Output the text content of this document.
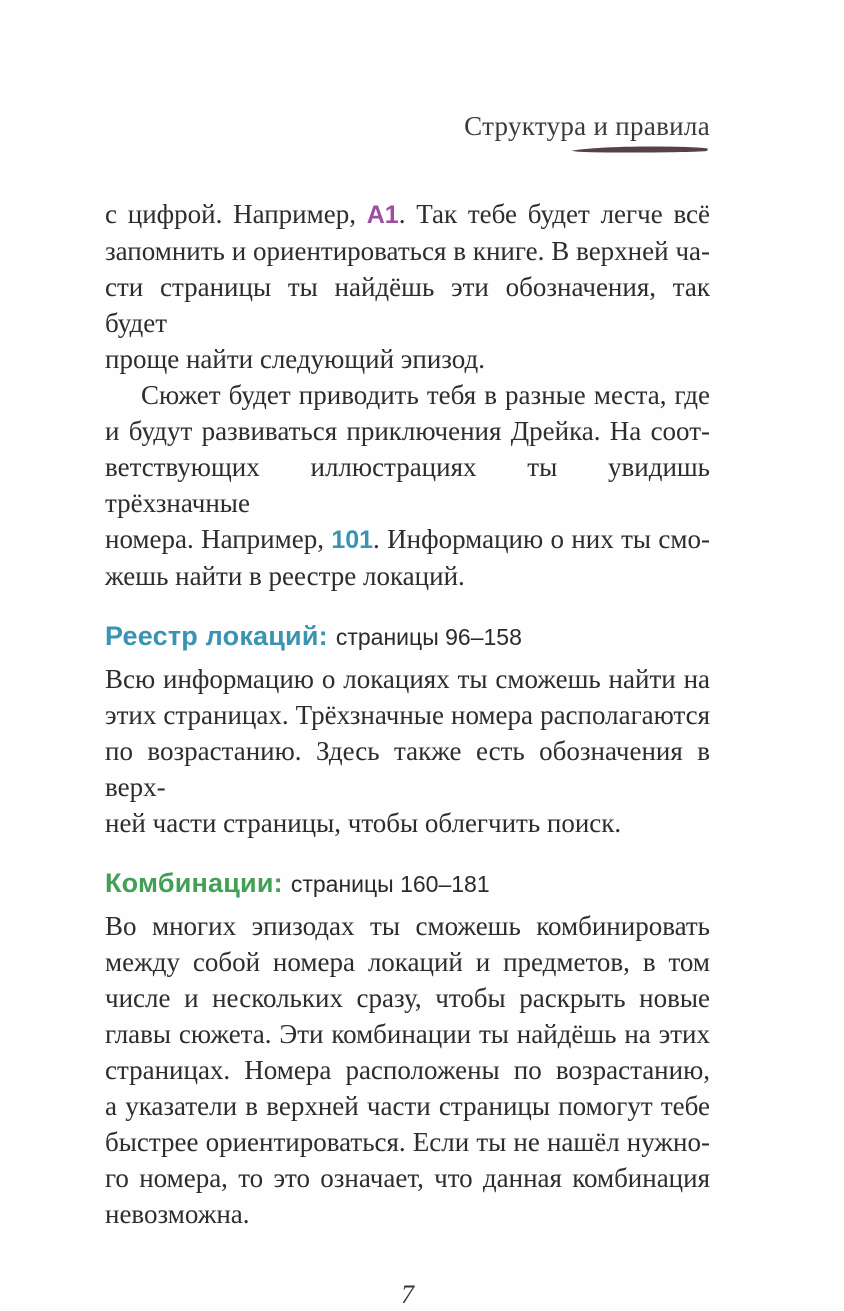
Структура и правила

с цифрой. Например, А1. Так тебе будет легче всё
запомнить и ориентироваться в книге. В верхней ча-
сти страницы ты найдёшь эти обозначения, так будет
проще найти следующий эпизод.

Сюжет будет приводить тебя в разные места, где
и будут развиваться приключения Дрейка. На соот-
ветствующих иллюстрациях ты увидишь трёхзначные
номера. Например, 101. Информацию о них ты смо-
жешь найти в реестре локаций.

Реестр локаций: страницы 96–158

Всю информацию о локациях ты сможешь найти на
этих страницах. Трёхзначные номера располагаются
по возрастанию. Здесь также есть обозначения в верх-
ней части страницы, чтобы облегчить поиск.

Комбинации: страницы 160–181

Во многих эпизодах ты сможешь комбинировать
между собой номера локаций и предметов, в том
числе и нескольких сразу, чтобы раскрыть новые
главы сюжета. Эти комбинации ты найдёшь на этих
страницах. Номера расположены по возрастанию,
а указатели в верхней части страницы помогут тебе
быстрее ориентироваться. Если ты не нашёл нужно-
го номера, то это означает, что данная комбинация
невозможна.

7
